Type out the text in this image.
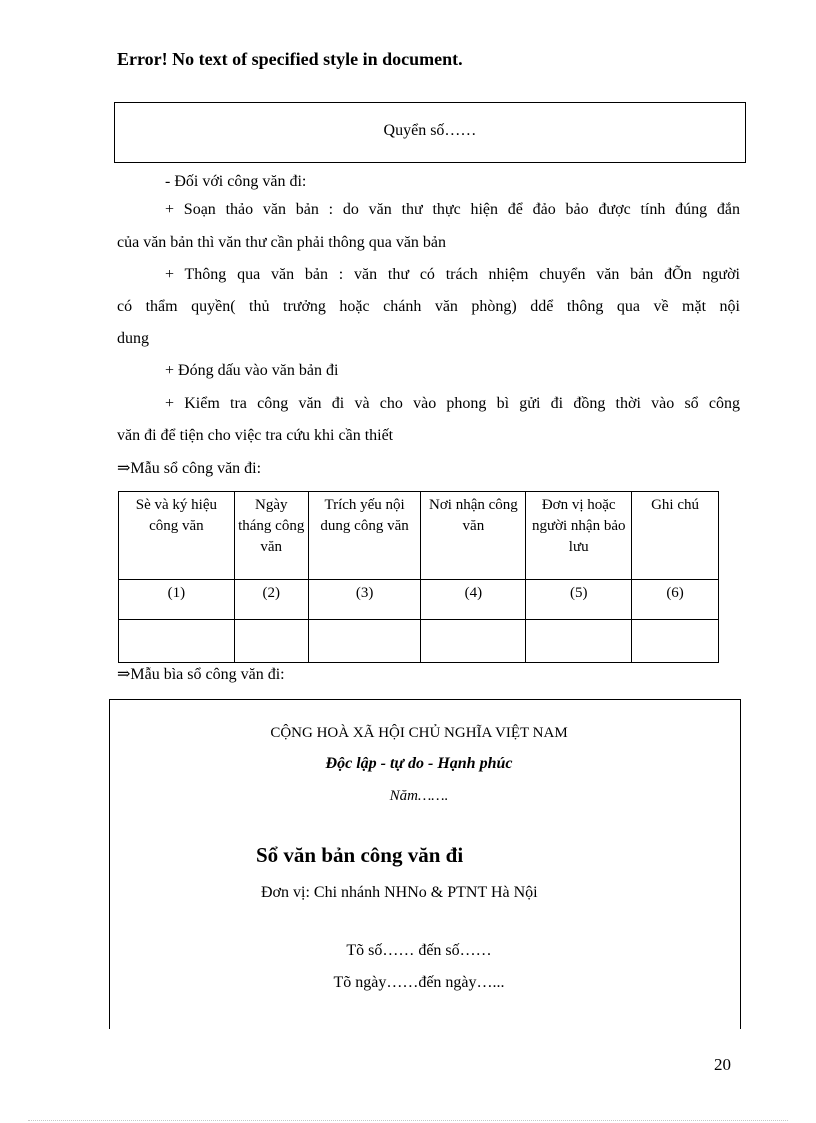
Error! No text of specified style in document.
Quyển số……
- Đối với công văn đi:
+ Soạn thảo văn bản : do văn thư thực hiện để đảo bảo được tính đúng đắn
của văn bản thì văn thư cần phải thông qua văn bản
+ Thông qua văn bản : văn thư có trách nhiệm chuyển văn bản đÕn người
có thẩm quyền( thủ trưởng hoặc chánh văn phòng) ddể thông qua về mặt nội
dung
+ Đóng dấu vào văn bản đi
+ Kiểm tra công văn đi và cho vào phong bì gửi đi đồng thời vào sổ công
văn đi để tiện cho việc tra cứu khi cần thiết
⇒Mẫu sổ công văn đi:
Sè và ký hiệu công văn	Ngày tháng công văn	Trích yếu nội dung công văn	Nơi nhận công văn	Đơn vị hoặc người nhận bảo lưu	Ghi chú
(1)	(2)	(3)	(4)	(5)	(6)

⇒Mẫu bìa sổ công văn đi:
CỘNG HOÀ XÃ HỘI CHỦ NGHĨA VIỆT NAM
Độc lập - tự do - Hạnh phúc
Năm…….
Sổ văn bản công văn đi
Đơn vị: Chi nhánh NHNo & PTNT Hà Nội
Tõ số…… đến số……
Tõ ngày……đến ngày…...
20
